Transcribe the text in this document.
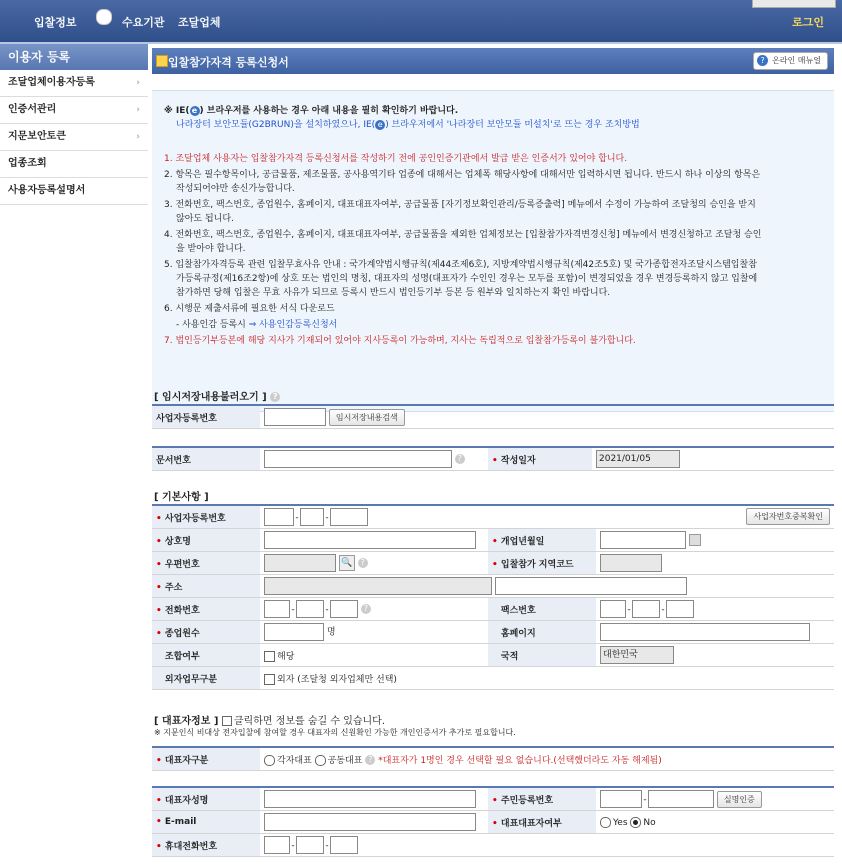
입찰정보	수요기관 조달업체	로그인
이용자 등록
조달업체이용자등록	›
인증서관리	›
지문보안토큰	›
업종조회
사용자등록설명서
입찰참가자격 등록신청서	? 온라인 매뉴얼
※ IE( e ) 브라우저를 사용하는 경우 아래 내용을 필히 확인하기 바랍니다.
나라장터 보안모듈(G2BRUN)을 설치하였으나, IE( e ) 브라우저에서 '나라장터 보안모듈 미설치'로 뜨는 경우 조치방법
1. 조달업체 사용자는 입찰참가자격 등록신청서를 작성하기 전에 공인인증기관에서 발급 받은 인증서가 있어야 합니다.
2. 항목은 필수항목이나, 공급물품, 제조물품, 공사용역기타 업종에 대해서는 업체폭 해당사항에 대해서만 입력하시면 됩니다. 반드시 하나 이상의 항목은
작성되어야만 송신가능합니다.
3. 전화번호, 팩스번호, 종업원수, 홈페이지, 대표대표자여부, 공급물품 [자기정보확인관리/등록증출력] 메뉴에서 수정이 가능하여 조달청의 승인을 받지
않아도 됩니다.
4. 전화번호, 팩스번호, 종업원수, 홈페이지, 대표대표자여부, 공급물품을 제외한 업체정보는 [입찰참가자격변경신청] 메뉴에서 변경신청하고 조달청 승인
을 받아야 합니다.
5. 입찰참가자격등록 관련 입찰무효사유 안내 : 국가계약법시행규칙(제44조제6호), 지방계약법시행규칙(제42조5호) 및 국가종합전자조달시스템입찰참
가등록규정(제16조2항)에 상호 또는 법인의 명칭, 대표자의 성명(대표자가 수인인 경우는 모두를 포함)이 변경되었을 경우 변경등록하지 않고 입찰에
참가하면 당해 입찰은 무효 사유가 되므로 등록시 반드시 법인등기부 등본 등 원부와 일치하는지 확인 바랍니다.
6. 시행문 제출서류에 필요한 서식 다운로드
- 사용인감 등록시 ⇒ 사용인감등록신청서
7. 법인등기부등본에 해당 지사가 기재되어 있어야 지사등록이 가능하며, 지사는 독립적으로 입찰참가등록이 불가합니다.
[ 임시저장내용불러오기 ] ?
사업자등록번호	임시저장내용검색
문서번호	?	• 작성일자	2021/01/05
[ 기본사항 ]
• 사업자등록번호	- - 사업자번호중복확인		

• 상호명		• 개업년월일	
• 우편번호	🔍 ?	• 입찰참가 지역코드	
• 주소			
• 전화번호	- - ?	팩스번호	- -
• 종업원수	명	홈페이지	
조합여부	해당	국적	대한민국
외자업무구분	외자 (조달청 외자업체만 선택)		
[ 대표자정보 ] 클릭하면 정보를 숨길 수 있습니다.
※ 지문인식 비대상 전자입찰에 참여할 경우 대표자의 신원확인 가능한 개인인증서가 추가로 필요합니다.
• 대표자구분	각자대표 공동대표 ? *대표자가 1명인 경우 선택할 필요 없습니다.(선택했더라도 자동 해제됨)
• 대표자성명		• 주민등록번호	- 실명인증
• E-mail		• 대표대표자여부	Yes No
• 휴대전화번호	- -		
